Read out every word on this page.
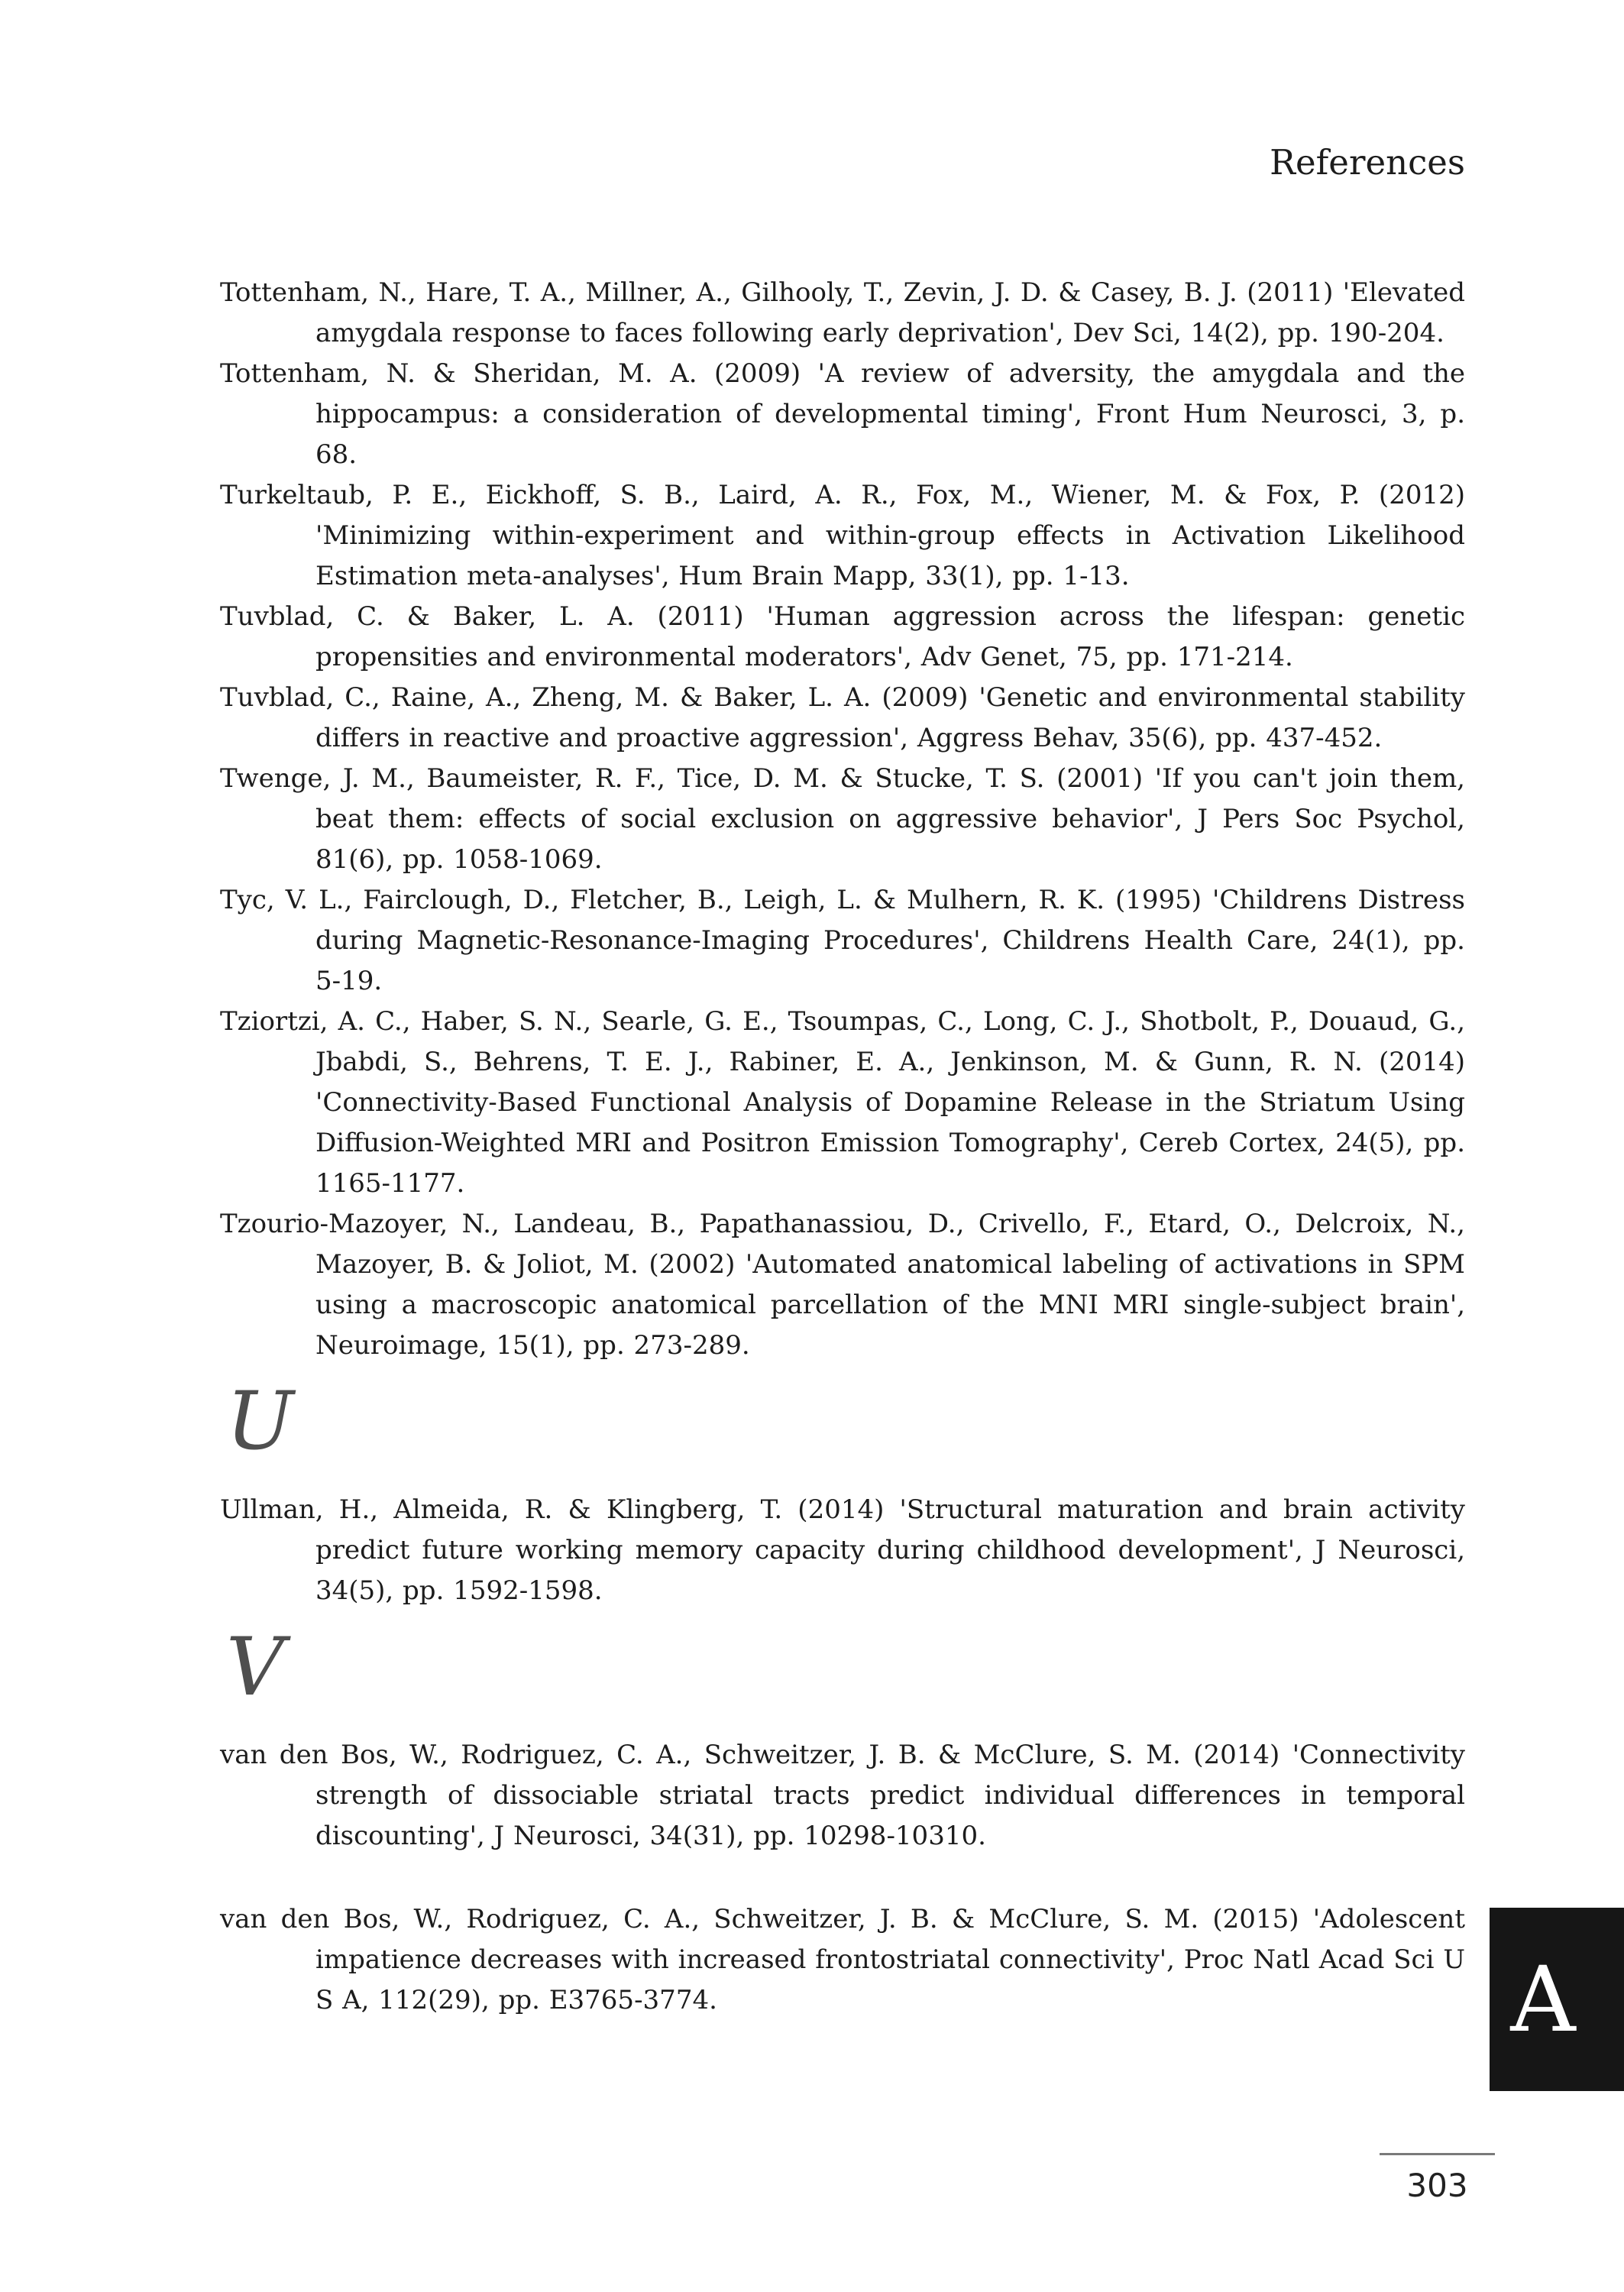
References

Tottenham, N., Hare, T. A., Millner, A., Gilhooly, T., Zevin, J. D. & Casey, B. J. (2011) 'Elevated amygdala response to faces following early deprivation', Dev Sci, 14(2), pp. 190-204.

Tottenham, N. & Sheridan, M. A. (2009) 'A review of adversity, the amygdala and the hippocampus: a consideration of developmental timing', Front Hum Neurosci, 3, p. 68.

Turkeltaub, P. E., Eickhoff, S. B., Laird, A. R., Fox, M., Wiener, M. & Fox, P. (2012) 'Minimizing within-experiment and within-group effects in Activation Likelihood Estimation meta-analyses', Hum Brain Mapp, 33(1), pp. 1-13.

Tuvblad, C. & Baker, L. A. (2011) 'Human aggression across the lifespan: genetic propensities and environmental moderators', Adv Genet, 75, pp. 171-214.

Tuvblad, C., Raine, A., Zheng, M. & Baker, L. A. (2009) 'Genetic and environmental stability differs in reactive and proactive aggression', Aggress Behav, 35(6), pp. 437-452.

Twenge, J. M., Baumeister, R. F., Tice, D. M. & Stucke, T. S. (2001) 'If you can't join them, beat them: effects of social exclusion on aggressive behavior', J Pers Soc Psychol, 81(6), pp. 1058-1069.

Tyc, V. L., Fairclough, D., Fletcher, B., Leigh, L. & Mulhern, R. K. (1995) 'Childrens Distress during Magnetic-Resonance-Imaging Procedures', Childrens Health Care, 24(1), pp. 5-19.

Tziortzi, A. C., Haber, S. N., Searle, G. E., Tsoumpas, C., Long, C. J., Shotbolt, P., Douaud, G., Jbabdi, S., Behrens, T. E. J., Rabiner, E. A., Jenkinson, M. & Gunn, R. N. (2014) 'Connectivity-Based Functional Analysis of Dopamine Release in the Striatum Using Diffusion-Weighted MRI and Positron Emission Tomography', Cereb Cortex, 24(5), pp. 1165-1177.

Tzourio-Mazoyer, N., Landeau, B., Papathanassiou, D., Crivello, F., Etard, O., Delcroix, N., Mazoyer, B. & Joliot, M. (2002) 'Automated anatomical labeling of activations in SPM using a macroscopic anatomical parcellation of the MNI MRI single-subject brain', Neuroimage, 15(1), pp. 273-289.

U

Ullman, H., Almeida, R. & Klingberg, T. (2014) 'Structural maturation and brain activity predict future working memory capacity during childhood development', J Neurosci, 34(5), pp. 1592-1598.

V

van den Bos, W., Rodriguez, C. A., Schweitzer, J. B. & McClure, S. M. (2014) 'Connectivity strength of dissociable striatal tracts predict individual differences in temporal discounting', J Neurosci, 34(31), pp. 10298-10310.

van den Bos, W., Rodriguez, C. A., Schweitzer, J. B. & McClure, S. M. (2015) 'Adolescent impatience decreases with increased frontostriatal connectivity', Proc Natl Acad Sci U S A, 112(29), pp. E3765-3774.	A
303
